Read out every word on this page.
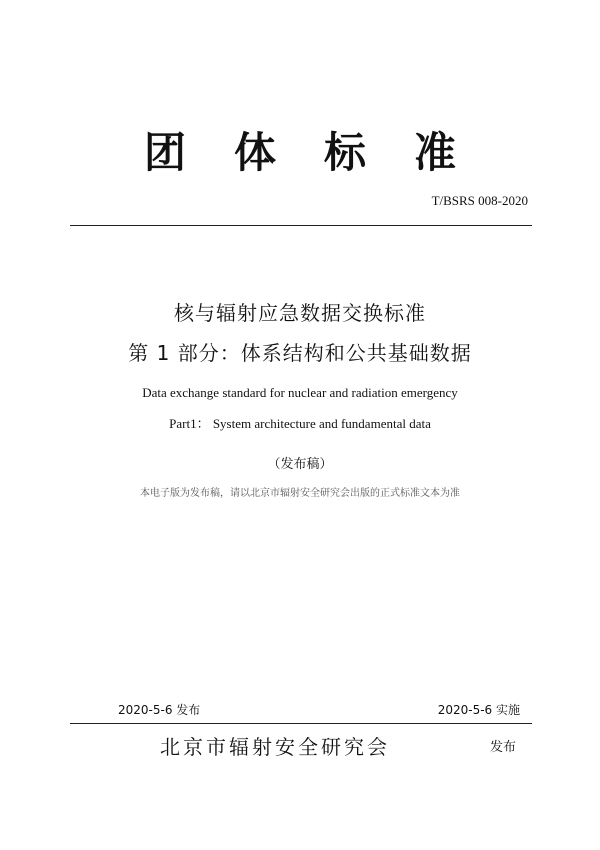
团体标准
T/BSRS 008-2020
核与辐射应急数据交换标准
第 1 部分：体系结构和公共基础数据
Data exchange standard for nuclear and radiation emergency
Part1： System architecture and fundamental data
（发布稿）
本电子版为发布稿，请以北京市辐射安全研究会出版的正式标准文本为准
2020-5-6 发布	2020-5-6 实施
北京市辐射安全研究会	发布
